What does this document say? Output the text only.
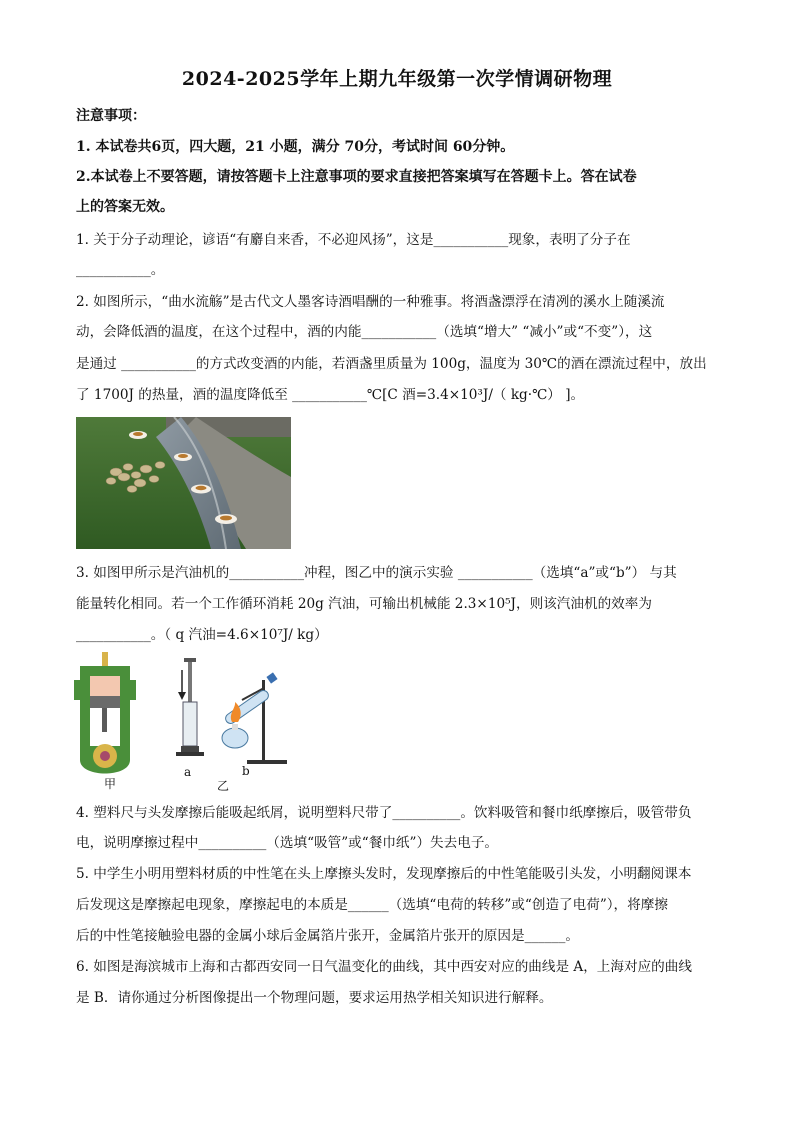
2024-2025学年上期九年级第一次学情调研物理
注意事项：
1. 本试卷共6页，四大题，21 小题，满分 70分，考试时间 60分钟。
2.本试卷上不要答题，请按答题卡上注意事项的要求直接把答案填写在答题卡上。答在试卷
上的答案无效。
1. 关于分子动理论，谚语“有麝自来香，不必迎风扬”，这是___________现象，表明了分子在
___________。
2. 如图所示，“曲水流觞”是古代文人墨客诗酒唱酬的一种雅事。将酒盏漂浮在清冽的溪水上随溪流
动，会降低酒的温度，在这个过程中，酒的内能___________（选填“增大” “减小”或“不变”），这
是通过 ___________的方式改变酒的内能，若酒盏里质量为 100g，温度为 30℃的酒在漂流过程中，放出
了 1700J 的热量，酒的温度降低至 ___________℃[C 酒=3.4×10³J/（ kg·℃） ]。
3. 如图甲所示是汽油机的___________冲程，图乙中的演示实验 ___________（选填“a”或“b”） 与其
能量转化相同。若一个工作循环消耗 20g 汽油，可输出机械能 2.3×10⁵J，则该汽油机的效率为
___________。（ q 汽油=4.6×10⁷J/ kg）
甲
a
乙
b
4. 塑料尺与头发摩擦后能吸起纸屑，说明塑料尺带了__________。饮料吸管和餐巾纸摩擦后，吸管带负
电，说明摩擦过程中__________（选填“吸管”或“餐巾纸”）失去电子。
5. 中学生小明用塑料材质的中性笔在头上摩擦头发时，发现摩擦后的中性笔能吸引头发，小明翻阅课本
后发现这是摩擦起电现象，摩擦起电的本质是______（选填“电荷的转移”或“创造了电荷”），将摩擦
后的中性笔接触验电器的金属小球后金属箔片张开，金属箔片张开的原因是______。
6. 如图是海滨城市上海和古都西安同一日气温变化的曲线，其中西安对应的曲线是 A，上海对应的曲线
是 B．请你通过分析图像提出一个物理问题，要求运用热学相关知识进行解释。
